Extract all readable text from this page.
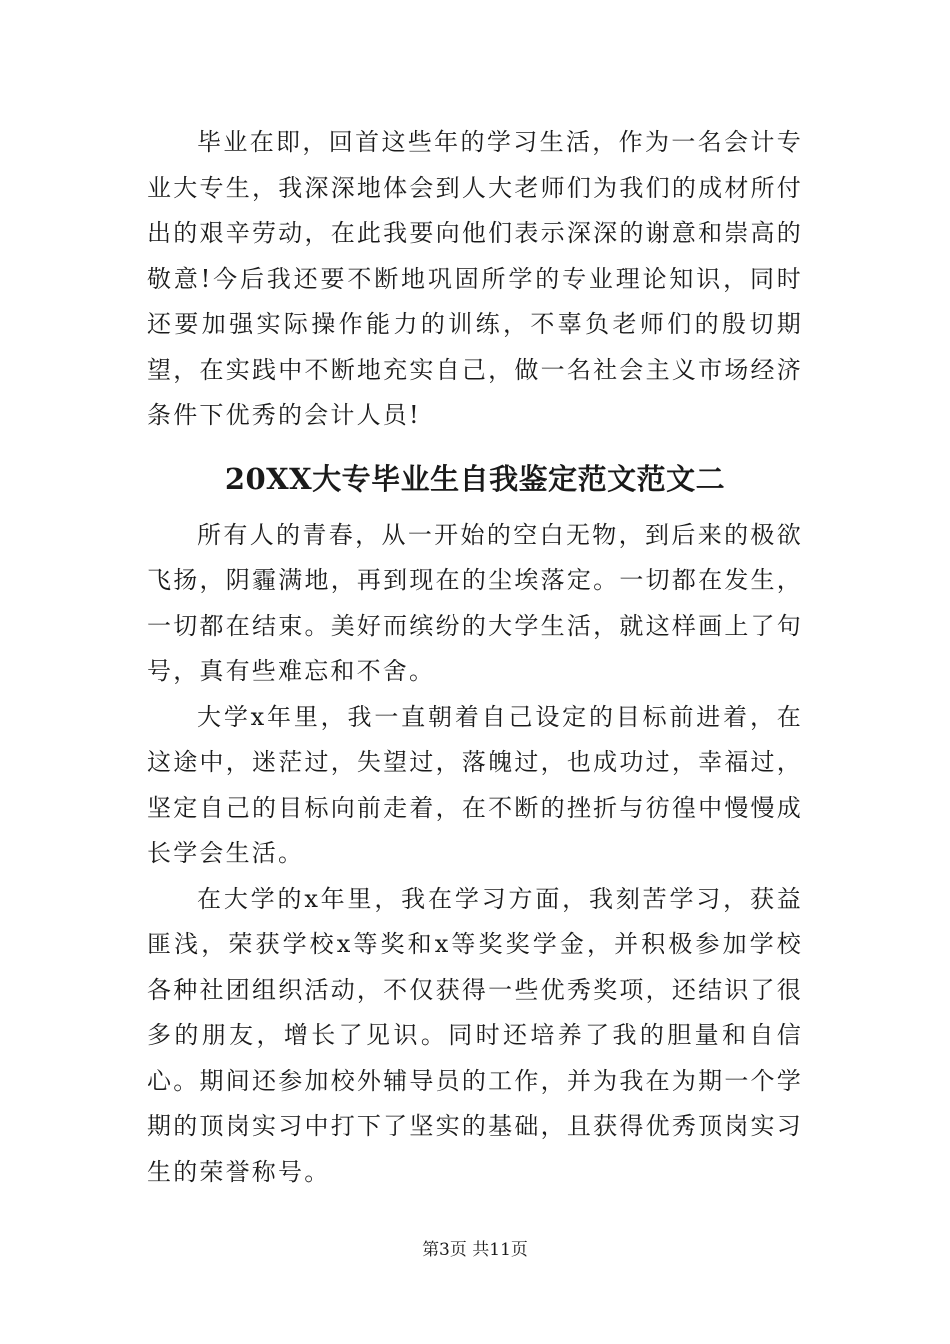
毕业在即，回首这些年的学习生活，作为一名会计专业大专生，我深深地体会到人大老师们为我们的成材所付出的艰辛劳动，在此我要向他们表示深深的谢意和崇高的敬意!今后我还要不断地巩固所学的专业理论知识，同时还要加强实际操作能力的训练，不辜负老师们的殷切期望，在实践中不断地充实自己，做一名社会主义市场经济条件下优秀的会计人员!

20XX大专毕业生自我鉴定范文范文二

所有人的青春，从一开始的空白无物，到后来的极欲飞扬，阴霾满地，再到现在的尘埃落定。一切都在发生，一切都在结束。美好而缤纷的大学生活，就这样画上了句号，真有些难忘和不舍。

大学x年里，我一直朝着自己设定的目标前进着，在这途中，迷茫过，失望过，落魄过，也成功过，幸福过，坚定自己的目标向前走着，在不断的挫折与彷徨中慢慢成长学会生活。

在大学的x年里，我在学习方面，我刻苦学习，获益匪浅，荣获学校x等奖和x等奖奖学金，并积极参加学校各种社团组织活动，不仅获得一些优秀奖项，还结识了很多的朋友，增长了见识。同时还培养了我的胆量和自信心。期间还参加校外辅导员的工作，并为我在为期一个学期的顶岗实习中打下了坚实的基础，且获得优秀顶岗实习生的荣誉称号。

第3页 共11页
